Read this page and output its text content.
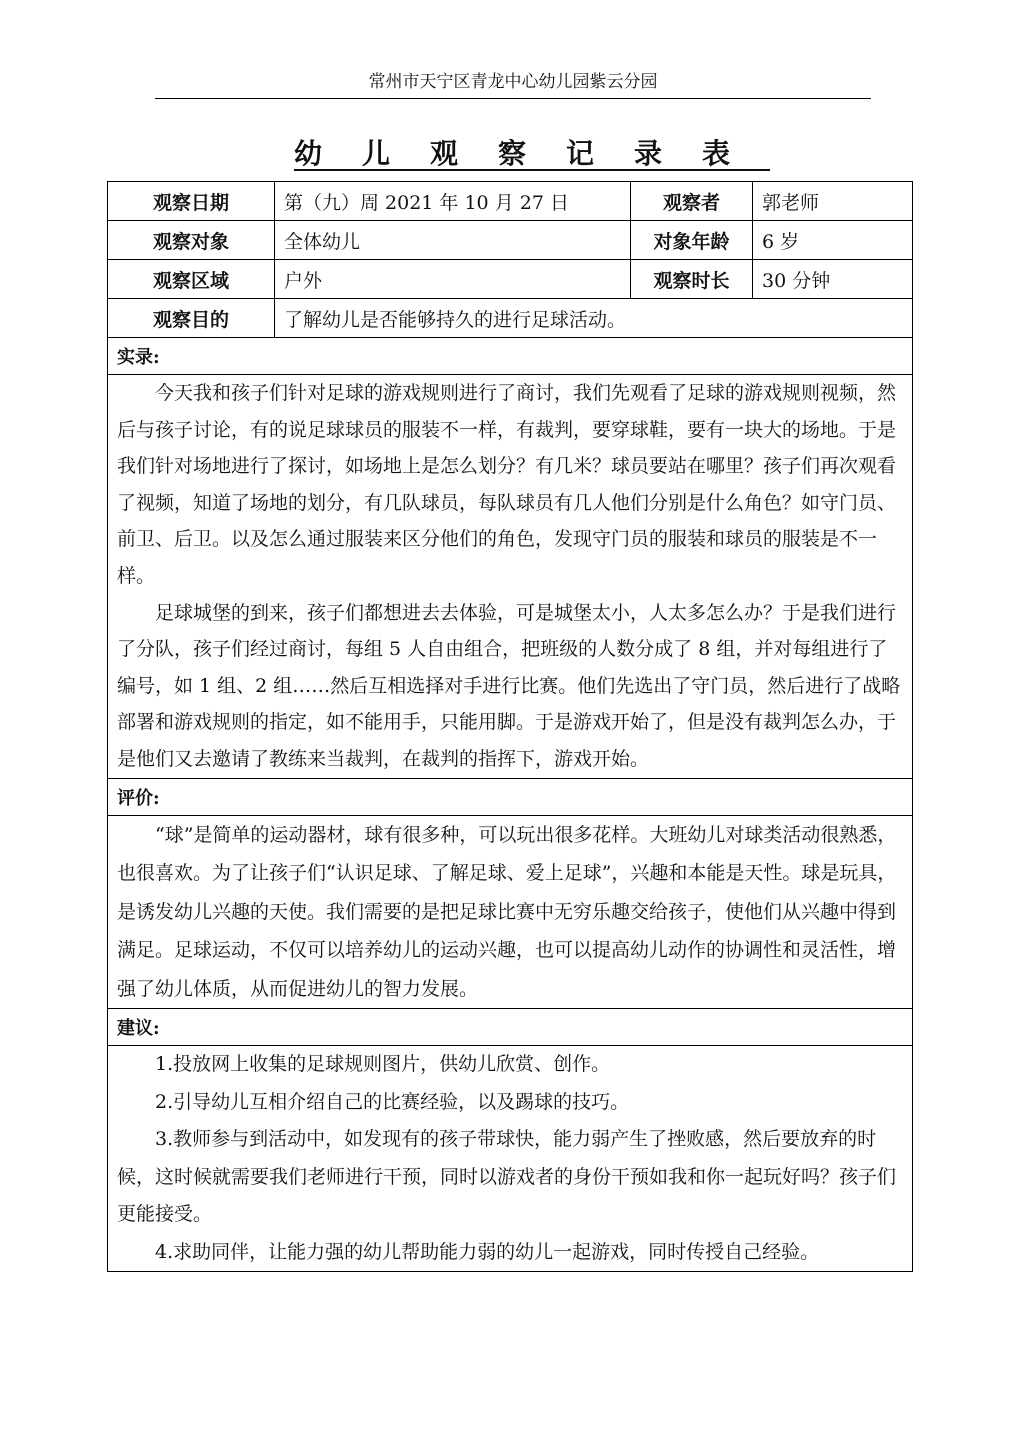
常州市天宁区青龙中心幼儿园紫云分园
幼儿观察记录表
观察日期	第（九）周 2021 年 10 月 27 日	观察者	郭老师
观察对象	全体幼儿	对象年龄	6 岁
观察区域	户外	观察时长	30 分钟
观察目的	了解幼儿是否能够持久的进行足球活动。		
实录:			

今天我和孩子们针对足球的游戏规则进行了商讨，我们先观看了足球的游戏规则视频，然后与孩子讨论，有的说足球球员的服装不一样，有裁判，要穿球鞋，要有一块大的场地。于是我们针对场地进行了探讨，如场地上是怎么划分？有几米？球员要站在哪里？孩子们再次观看了视频，知道了场地的划分，有几队球员，每队球员有几人他们分别是什么角色？如守门员、前卫、后卫。以及怎么通过服装来区分他们的角色，发现守门员的服装和球员的服装是不一样。

足球城堡的到来，孩子们都想进去去体验，可是城堡太小，人太多怎么办？于是我们进行了分队，孩子们经过商讨，每组 5 人自由组合，把班级的人数分成了 8 组，并对每组进行了编号，如 1 组、2 组……然后互相选择对手进行比赛。他们先选出了守门员，然后进行了战略部署和游戏规则的指定，如不能用手，只能用脚。于是游戏开始了，但是没有裁判怎么办，于是他们又去邀请了教练来当裁判，在裁判的指挥下，游戏开始。			

评价:			

“球”是简单的运动器材，球有很多种，可以玩出很多花样。大班幼儿对球类活动很熟悉，也很喜欢。为了让孩子们“认识足球、了解足球、爱上足球”，兴趣和本能是天性。球是玩具，是诱发幼儿兴趣的天使。我们需要的是把足球比赛中无穷乐趣交给孩子，使他们从兴趣中得到满足。足球运动，不仅可以培养幼儿的运动兴趣，也可以提高幼儿动作的协调性和灵活性，增强了幼儿体质，从而促进幼儿的智力发展。			

建议:			

1.投放网上收集的足球规则图片，供幼儿欣赏、创作。

2.引导幼儿互相介绍自己的比赛经验，以及踢球的技巧。

3.教师参与到活动中，如发现有的孩子带球快，能力弱产生了挫败感，然后要放弃的时候，这时候就需要我们老师进行干预，同时以游戏者的身份干预如我和你一起玩好吗？孩子们更能接受。

4.求助同伴，让能力强的幼儿帮助能力弱的幼儿一起游戏，同时传授自己经验。			
